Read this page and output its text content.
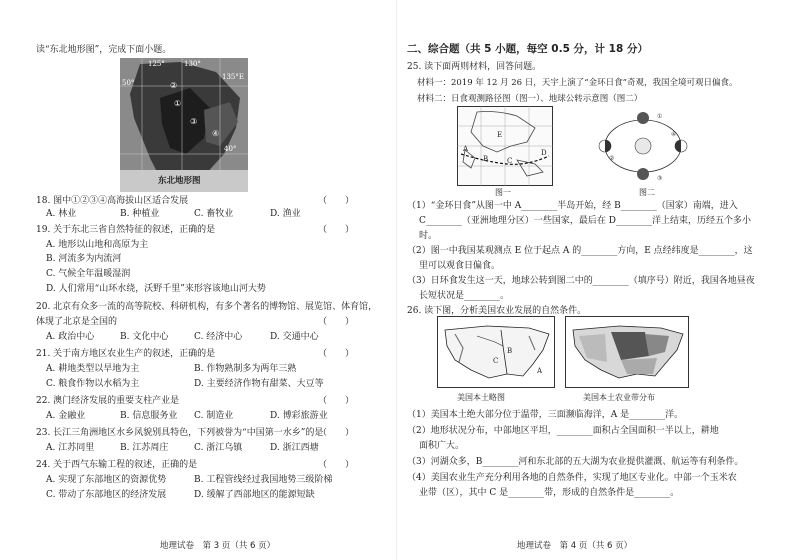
读“东北地形图”，完成下面小题。
125°	130°
135°E
50°
40°
②
①
③
④
东北地形图
18. 图中①②③④高海拔山区适合发展	（　　）
A. 林业	B. 种植业	C. 畜牧业	D. 渔业
19. 关于东北三省自然特征的叙述，正确的是	（　　）
A. 地形以山地和高原为主
B. 河流多为内流河
C. 气候全年温暖湿润
D. 人们常用“山环水绕，沃野千里”来形容该地山河大势
20. 北京有众多一流的高等院校、科研机构，有多个著名的博物馆、展览馆、体育馆，
体现了北京是全国的	（　　）
A. 政治中心	B. 文化中心	C. 经济中心	D. 交通中心
21. 关于南方地区农业生产的叙述，正确的是	（　　）
A. 耕地类型以旱地为主	B. 作物熟制多为两年三熟
C. 粮食作物以水稻为主	D. 主要经济作物有甜菜、大豆等
22. 澳门经济发展的重要支柱产业是	（　　）
A. 金融业	B. 信息服务业 C. 制造业	D. 博彩旅游业
23. 长江三角洲地区水乡风貌别具特色，下列被誉为“中国第一水乡”的是
（　　）
A. 江苏同里	B. 江苏周庄	C. 浙江乌镇	D. 浙江西塘
24. 关于西气东输工程的叙述，正确的是	（　　）
A. 实现了东部地区的资源优势	B. 工程管线经过我国地势三级阶梯
C. 带动了东部地区的经济发展	D. 缓解了西部地区的能源短缺
地理试卷　第 3 页（共 6 页）
二、综合题（共 5 小题，每空 0.5 分，计 18 分）
25. 读下面两则材料，回答问题。
材料一：2019 年 12 月 26 日，天宇上演了“金环日食”奇观，我国全境可观日偏食。
材料二：日食观测路径图（图一）、地球公转示意图（图二）
A
B	C
D
E
图一
①
③
②
④
图二
（1）“金环日食”从图一中 A________半岛开始，经 B________（国家）南端，进入
C________（亚洲地理分区）一些国家，最后在 D________洋上结束，历经五个多小
时。
（2）图一中我国某观测点 E 位于起点 A 的________方向，E 点经纬度是________，这
里可以观食日偏食。
（3）日环食发生这一天，地球公转到图二中的________（填序号）附近，我国各地昼夜
长短状况是________。
26. 读下图，分析美国农业发展的自然条件。
A
B
C
美国本土略图	美国本土农业带分布
（1）美国本土绝大部分位于温带，三面濒临海洋，A 是________洋。
（2）地形状况分布，中部地区平坦，________面积占全国面积一半以上，耕地
面积广大。
（3）河湖众多，B________河和东北部的五大湖为农业提供灌溉、航运等有利条件。
（4）美国农业生产充分利用各地的自然条件，实现了地区专业化。中部一个玉米农
业带（区），其中 C 是________带，形成的自然条件是________。
地理试卷　第 4 页（共 6 页）
